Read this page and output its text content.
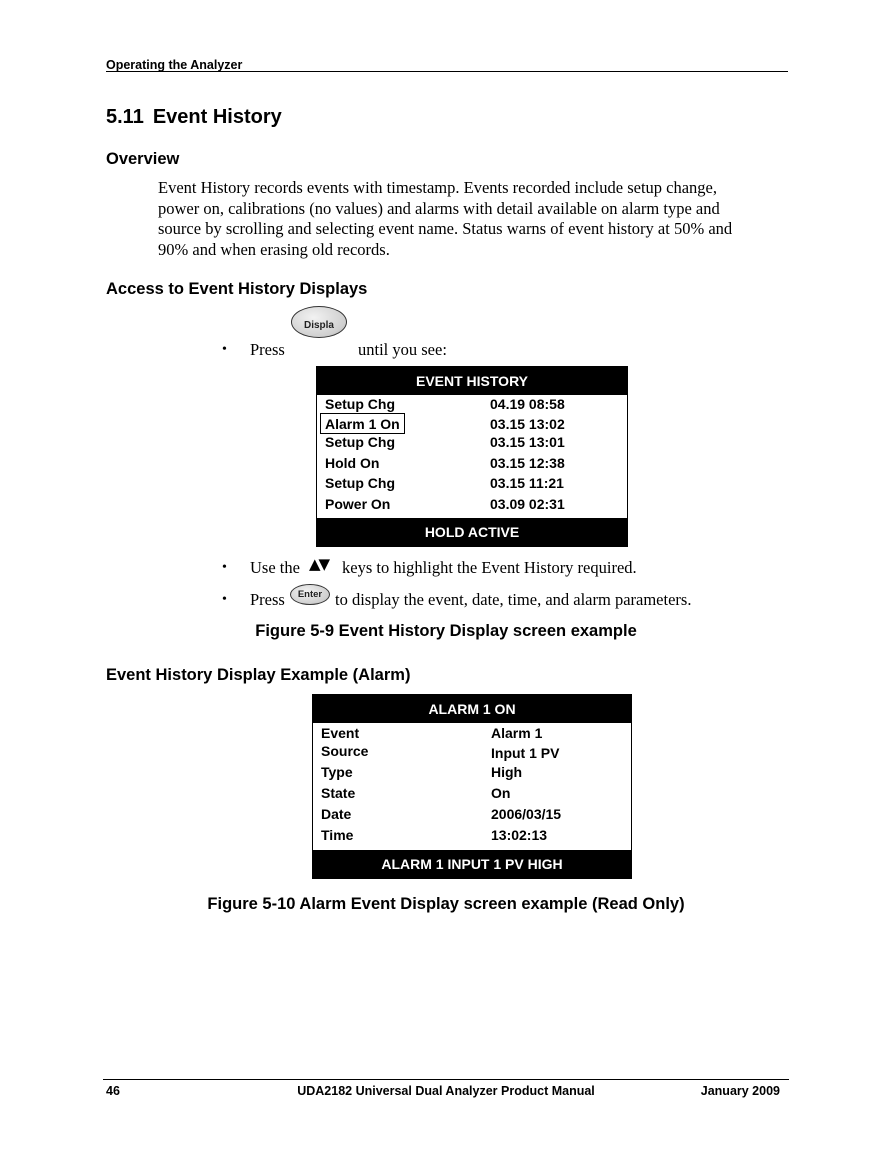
Operating the Analyzer
5.11 Event History
Overview
Event History records events with timestamp. Events recorded include setup change,
power on, calibrations (no values) and alarms with detail available on alarm type and
source by scrolling and selecting event name. Status warns of event history at 50% and
90% and when erasing old records.
Access to Event History Displays
• Press
Displa
until you see:
EVENT HISTORY
Setup Chg	04.19 08:58
Alarm 1 On	03.15 13:02
Setup Chg	03.15 13:01
Hold On	03.15 12:38
Setup Chg	03.15 11:21
Power On	03.09 02:31
HOLD ACTIVE
• Use the ▲▼ keys to highlight the Event History required.
• Press Enter to display the event, date, time, and alarm parameters.
Figure 5-9 Event History Display screen example
Event History Display Example (Alarm)
ALARM 1 ON
Event	Alarm 1
Source	Input 1 PV
Type	High
State	On
Date	2006/03/15
Time	13:02:13
ALARM 1 INPUT 1 PV HIGH
Figure 5-10 Alarm Event Display screen example (Read Only)
46	UDA2182 Universal Dual Analyzer Product Manual	January 2009
